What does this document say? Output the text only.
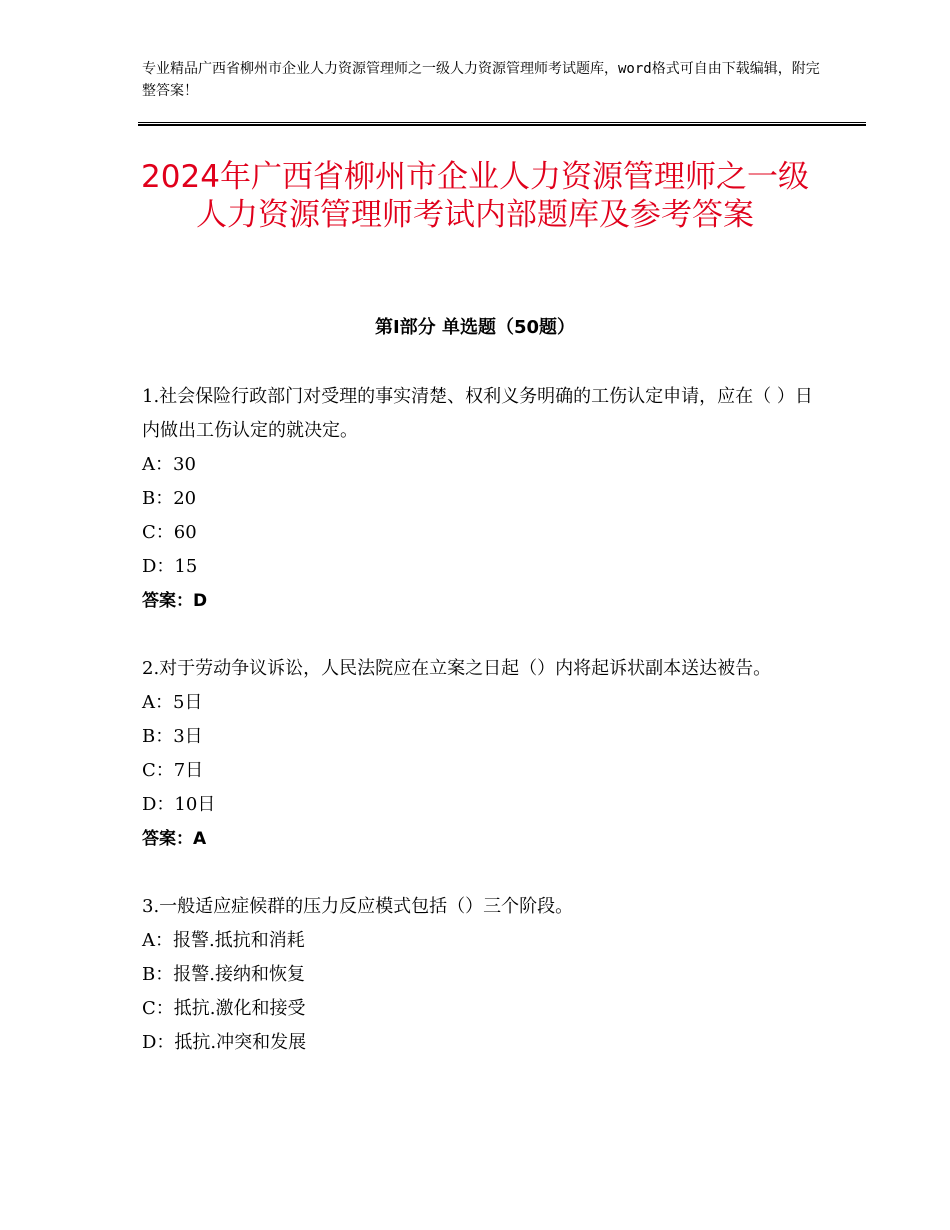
专业精品广西省柳州市企业人力资源管理师之一级人力资源管理师考试题库，word格式可自由下载编辑，附完整答案！
2024年广西省柳州市企业人力资源管理师之一级人力资源管理师考试内部题库及参考答案
第Ⅰ部分 单选题（50题）

1.社会保险行政部门对受理的事实清楚、权利义务明确的工伤认定申请，应在（ ）日内做出工伤认定的就决定。

A：30

B：20

C：60

D：15

答案：D

2.对于劳动争议诉讼，人民法院应在立案之日起（）内将起诉状副本送达被告。

A：5日

B：3日

C：7日

D：10日

答案：A

3.一般适应症候群的压力反应模式包括（）三个阶段。

A：报警.抵抗和消耗

B：报警.接纳和恢复

C：抵抗.激化和接受

D：抵抗.冲突和发展
